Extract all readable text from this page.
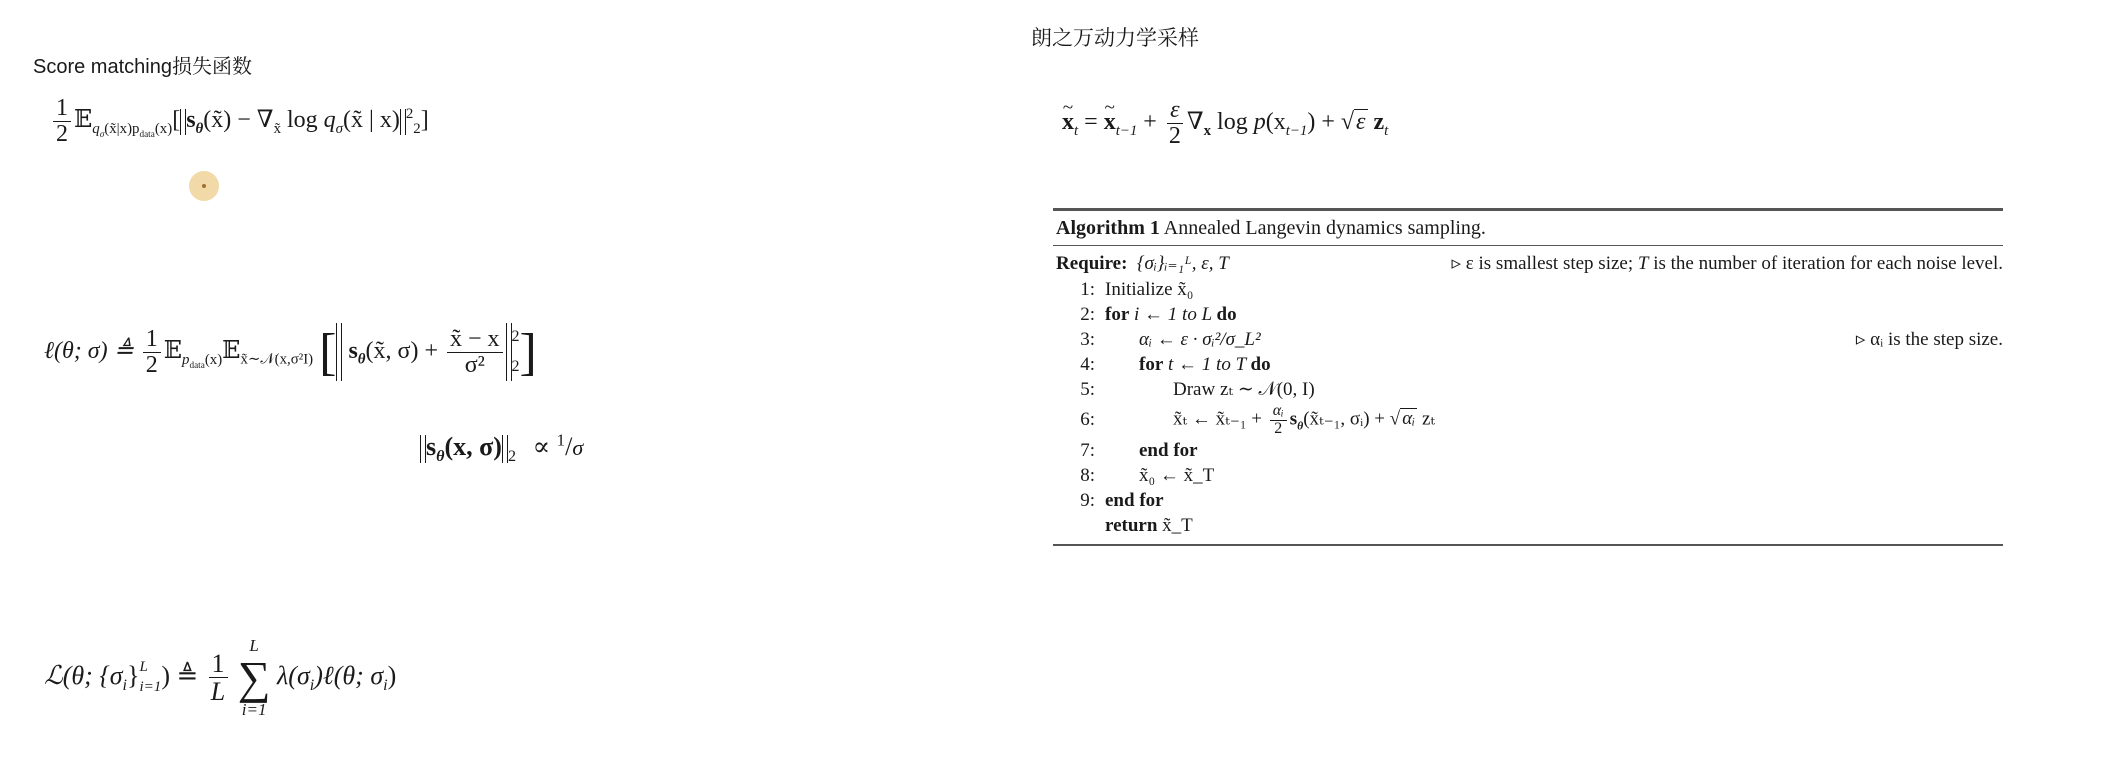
Score matching损失函数
$\frac{1}{2}$ 𝔼$_{q_\sigma(x̃|x)p_{data}(x)}$[ $s_\theta(x̃) - \nabla_{x̃}$ $\log q_\sigma(x̃$ | x) $^2_2$]
ℓ(θ; σ) ≜ $\frac{1}{2}$ 𝔼$_{p_{data}(x)}$𝔼$_{x̃\sim 𝒩(x,\sigma^2I)}$ [ $s_\theta(x̃$, $\sigma) + \frac{x̃ - x}{\text{σ²}} 2$
2 ]
$s_\theta(x$, σ) $_2$ ∝ $^1$/σ
ℒ(θ; $\{\sigma_i\}$ L
i=1 ) ≜ $\frac{1}{L}$

L
∑
i=1
$\lambda(\sigma_i)\ell(\theta$; $\sigma_i$)
朗之万动力学采样
~ $x_t$ = ~ $x_{t-1} + \frac{\varepsilon}{2} \nabla_x$ $\log p(x_{t-1}) + √\varepsilon$ $z_t$
Algorithm 1 Annealed Langevin dynamics sampling.
Require: {σᵢ}ᵢ₌₁ᴸ, ε, T	▹ ε is smallest step size; T is the number of iteration for each noise level.
1: Initialize x̃₀
2: for i ← 1 to L do
3:	αᵢ ← ε · σᵢ²/σ_L²	▹ αᵢ is the step size.
4:	for t ← 1 to T do
5:	Draw zₜ ∼ 𝒩(0, I)
6:	x̃ₜ ← x̃ₜ₋₁ + $\frac{\text{αᵢ}}{2}$ $s_\theta(x̃_{t-1}$, σᵢ) + √ αᵢ zₜ
7:	end for
8:	x̃₀ ← x̃_T
9: end for
return x̃_T
